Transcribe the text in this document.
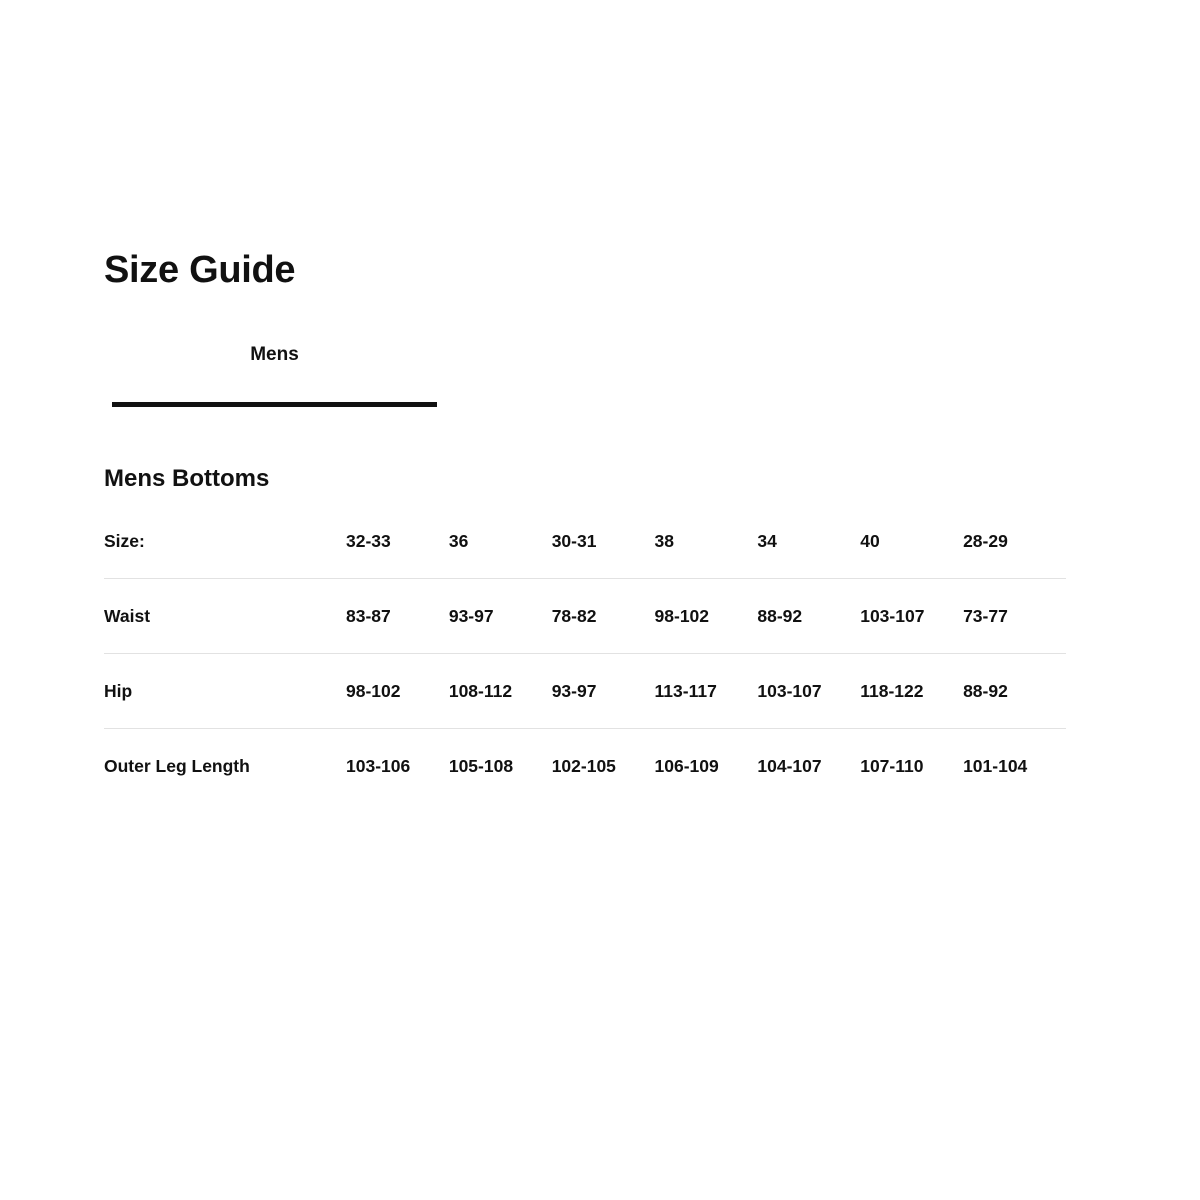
Size Guide
Mens
Mens Bottoms
Size:	32-33	36	30-31	38	34	40	28-29
Waist	83-87	93-97	78-82	98-102	88-92	103-107	73-77
Hip	98-102	108-112	93-97	113-117	103-107	118-122	88-92
Outer Leg Length	103-106	105-108	102-105	106-109	104-107	107-110	101-104
